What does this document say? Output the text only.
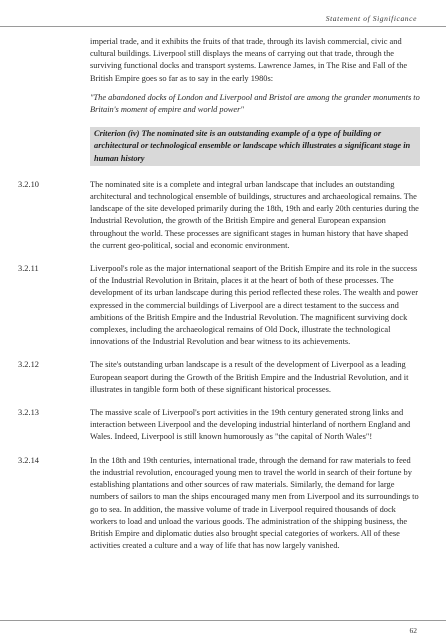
Statement of Significance

imperial trade, and it exhibits the fruits of that trade, through its lavish commercial, civic and cultural buildings. Liverpool still displays the means of carrying out that trade, through the surviving functional docks and transport systems. Lawrence James, in The Rise and Fall of the British Empire goes so far as to say in the early 1980s:

"The abandoned docks of London and Liverpool and Bristol are among the grander monuments to Britain's moment of empire and world power"

Criterion (iv) The nominated site is an outstanding example of a type of building or architectural or technological ensemble or landscape which illustrates a significant stage in human history
3.2.10	The nominated site is a complete and integral urban landscape that includes an outstanding architectural and technological ensemble of buildings, structures and archaeological remains. The landscape of the site developed primarily during the 18th, 19th and early 20th centuries during the Industrial Revolution, the growth of the British Empire and general European expansion throughout the world. These processes are significant stages in human history that have shaped the current geo-political, social and economic environment.
3.2.11	Liverpool's role as the major international seaport of the British Empire and its role in the success of the Industrial Revolution in Britain, places it at the heart of both of these processes. The development of its urban landscape during this period reflected these roles. The wealth and power expressed in the commercial buildings of Liverpool are a direct testament to the success and ambitions of the British Empire and the Industrial Revolution. The magnificent surviving dock complexes, including the archaeological remains of Old Dock, illustrate the technological innovations of the Industrial Revolution and bear witness to its achievements.
3.2.12	The site's outstanding urban landscape is a result of the development of Liverpool as a leading European seaport during the Growth of the British Empire and the Industrial Revolution, and it illustrates in tangible form both of these significant historical processes.
3.2.13	The massive scale of Liverpool's port activities in the 19th century generated strong links and interaction between Liverpool and the developing industrial hinterland of northern England and Wales. Indeed, Liverpool is still known humorously as "the capital of North Wales"!
3.2.14	In the 18th and 19th centuries, international trade, through the demand for raw materials to feed the industrial revolution, encouraged young men to travel the world in search of their fortune by establishing plantations and other sources of raw materials. Similarly, the demand for large numbers of sailors to man the ships encouraged many men from Liverpool and its surroundings to go to sea. In addition, the massive volume of trade in Liverpool required thousands of dock workers to load and unload the various goods. The administration of the shipping business, the British Empire and diplomatic duties also brought special categories of workers. All of these activities created a culture and a way of life that has now largely vanished.
62
